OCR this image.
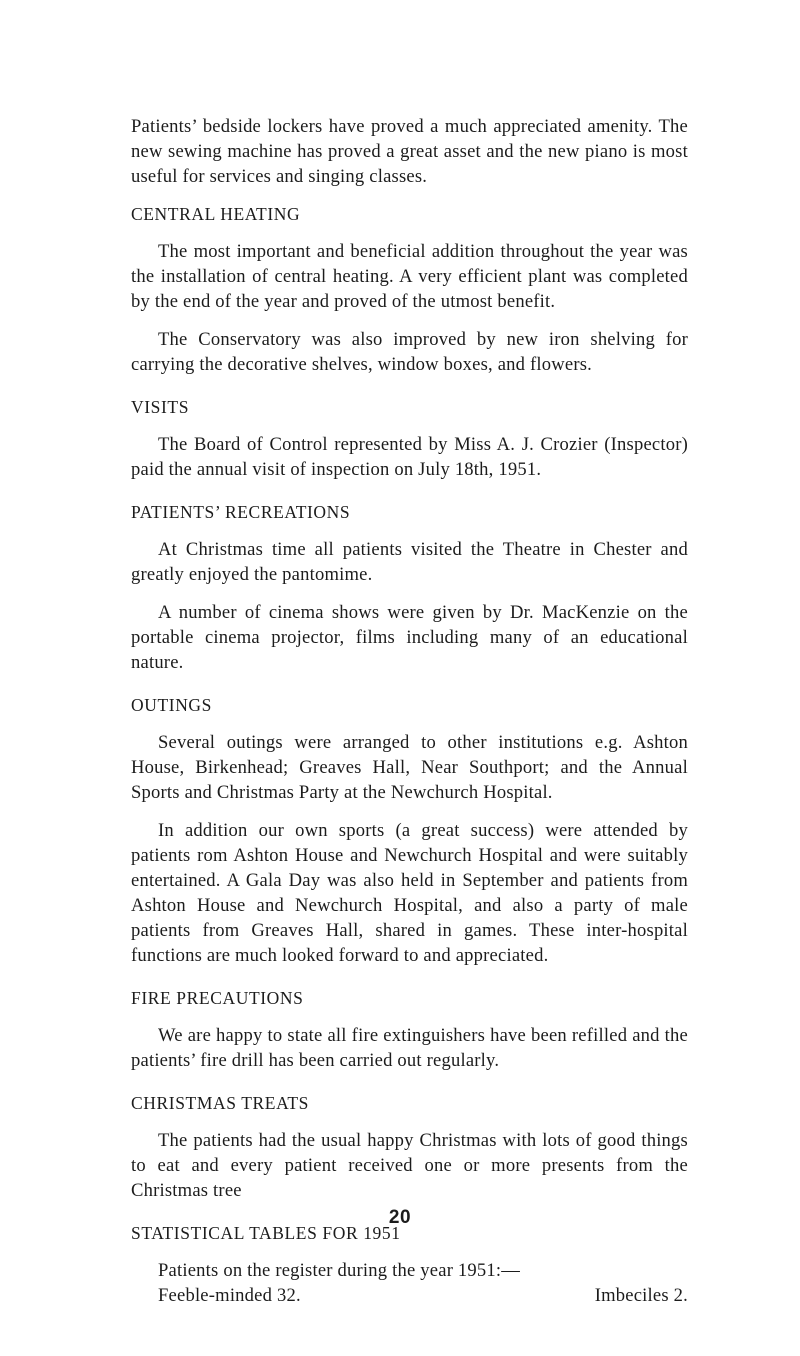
Patients’ bedside lockers have proved a much appreciated amenity. The new sewing machine has proved a great asset and the new piano is most useful for services and singing classes.

CENTRAL HEATING

The most important and beneficial addition throughout the year was the installation of central heating. A very efficient plant was completed by the end of the year and proved of the utmost benefit.

The Conservatory was also improved by new iron shelving for carrying the decorative shelves, window boxes, and flowers.

VISITS

The Board of Control represented by Miss A. J. Crozier (Inspector) paid the annual visit of inspection on July 18th, 1951.

PATIENTS’ RECREATIONS

At Christmas time all patients visited the Theatre in Chester and greatly enjoyed the pantomime.

A number of cinema shows were given by Dr. MacKenzie on the portable cinema projector, films including many of an educational nature.

OUTINGS

Several outings were arranged to other institutions e.g. Ashton House, Birkenhead; Greaves Hall, Near Southport; and the Annual Sports and Christmas Party at the Newchurch Hospital.

In addition our own sports (a great success) were attended by patients rom Ashton House and Newchurch Hospital and were suitably entertained. A Gala Day was also held in September and patients from Ashton House and Newchurch Hospital, and also a party of male patients from Greaves Hall, shared in games. These inter-hospital functions are much looked forward to and appreciated.

FIRE PRECAUTIONS

We are happy to state all fire extinguishers have been refilled and the patients’ fire drill has been carried out regularly.

CHRISTMAS TREATS

The patients had the usual happy Christmas with lots of good things to eat and every patient received one or more presents from the Christmas tree

STATISTICAL TABLES FOR 1951

Patients on the register during the year 1951:—

Feeble-minded 32.	Imbeciles 2.
20
